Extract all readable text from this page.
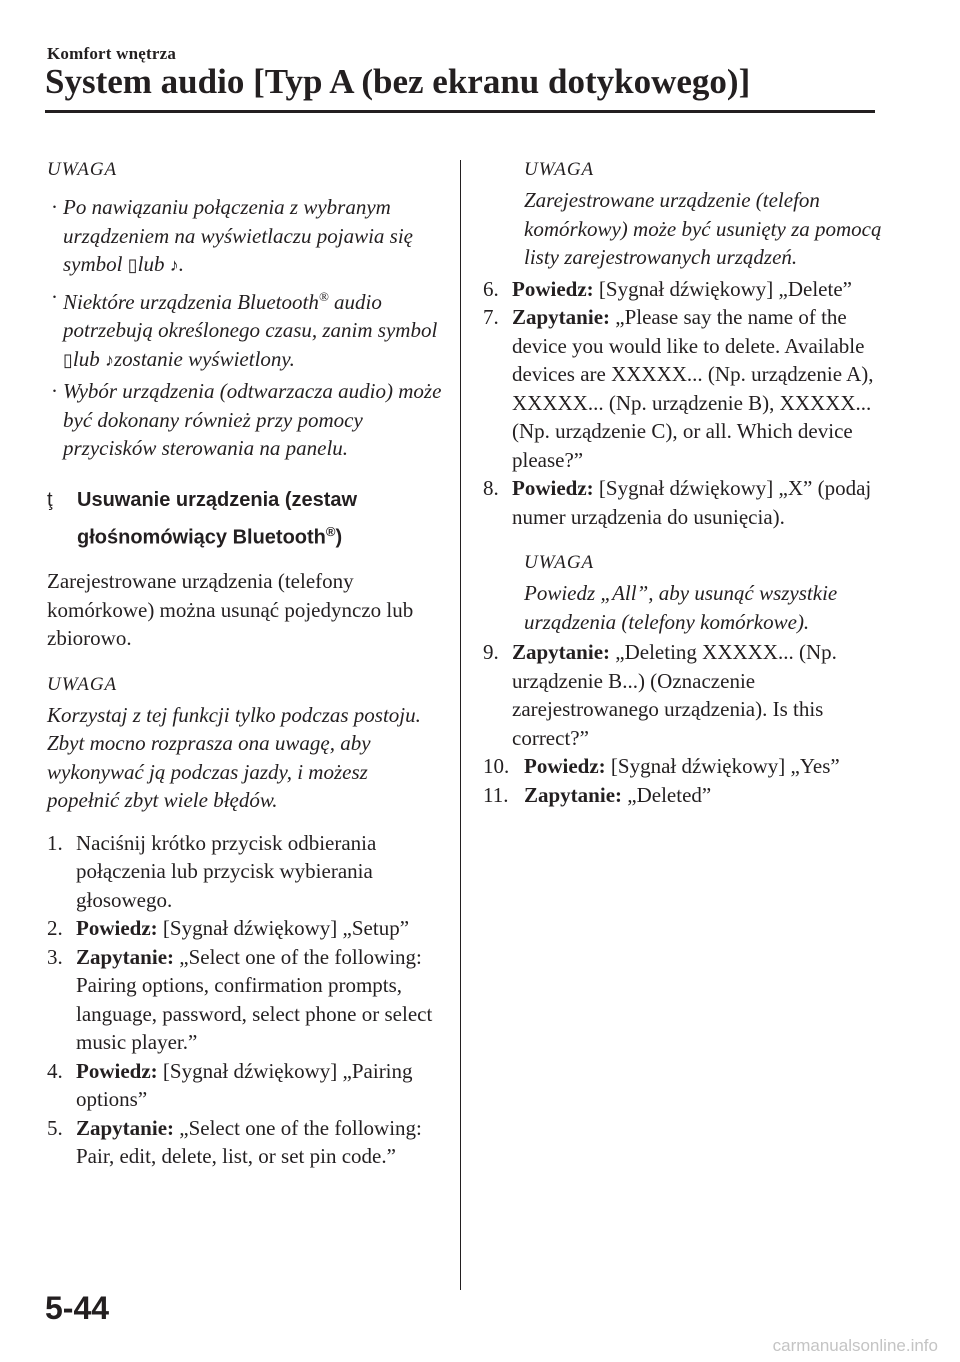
Komfort wnętrza
System audio [Typ A (bez ekranu dotykowego)]

UWAGA

· Po nawiązaniu połączenia z wybranym urządzeniem na wyświetlaczu pojawia się symbol ▯lub ♪.
· Niektóre urządzenia Bluetooth® audio potrzebują określonego czasu, zanim symbol ▯lub ♪zostanie wyświetlony.
· Wybór urządzenia (odtwarzacza audio) może być dokonany również przy pomocy przycisków sterowania na panelu.
ţ Usuwanie urządzenia (zestaw głośnomówiący Bluetooth®)

Zarejestrowane urządzenia (telefony komórkowe) można usunąć pojedynczo lub zbiorowo.

UWAGA

Korzystaj z tej funkcji tylko podczas postoju. Zbyt mocno rozprasza ona uwagę, aby wykonywać ją podczas jazdy, i możesz popełnić zbyt wiele błędów.

1. Naciśnij krótko przycisk odbierania połączenia lub przycisk wybierania głosowego.
2. Powiedz: [Sygnał dźwiękowy] „Setup”
3. Zapytanie: „Select one of the following: Pairing options, confirmation prompts, language, password, select phone or select music player.”
4. Powiedz: [Sygnał dźwiękowy] „Pairing options”
5. Zapytanie: „Select one of the following: Pair, edit, delete, list, or set pin code.”

UWAGA

Zarejestrowane urządzenie (telefon komórkowy) może być usunięty za pomocą listy zarejestrowanych urządzeń.

6. Powiedz: [Sygnał dźwiękowy] „Delete”
7. Zapytanie: „Please say the name of the device you would like to delete. Available devices are XXXXX... (Np. urządzenie A), XXXXX... (Np. urządzenie B), XXXXX... (Np. urządzenie C), or all. Which device please?”
8. Powiedz: [Sygnał dźwiękowy] „X” (podaj numer urządzenia do usunięcia).

UWAGA

Powiedz „All”, aby usunąć wszystkie urządzenia (telefony komórkowe).

9. Zapytanie: „Deleting XXXXX... (Np. urządzenie B...) (Oznaczenie zarejestrowanego urządzenia). Is this correct?”
10. Powiedz: [Sygnał dźwiękowy] „Yes”
11. Zapytanie: „Deleted”
5-44
carmanualsonline.info
